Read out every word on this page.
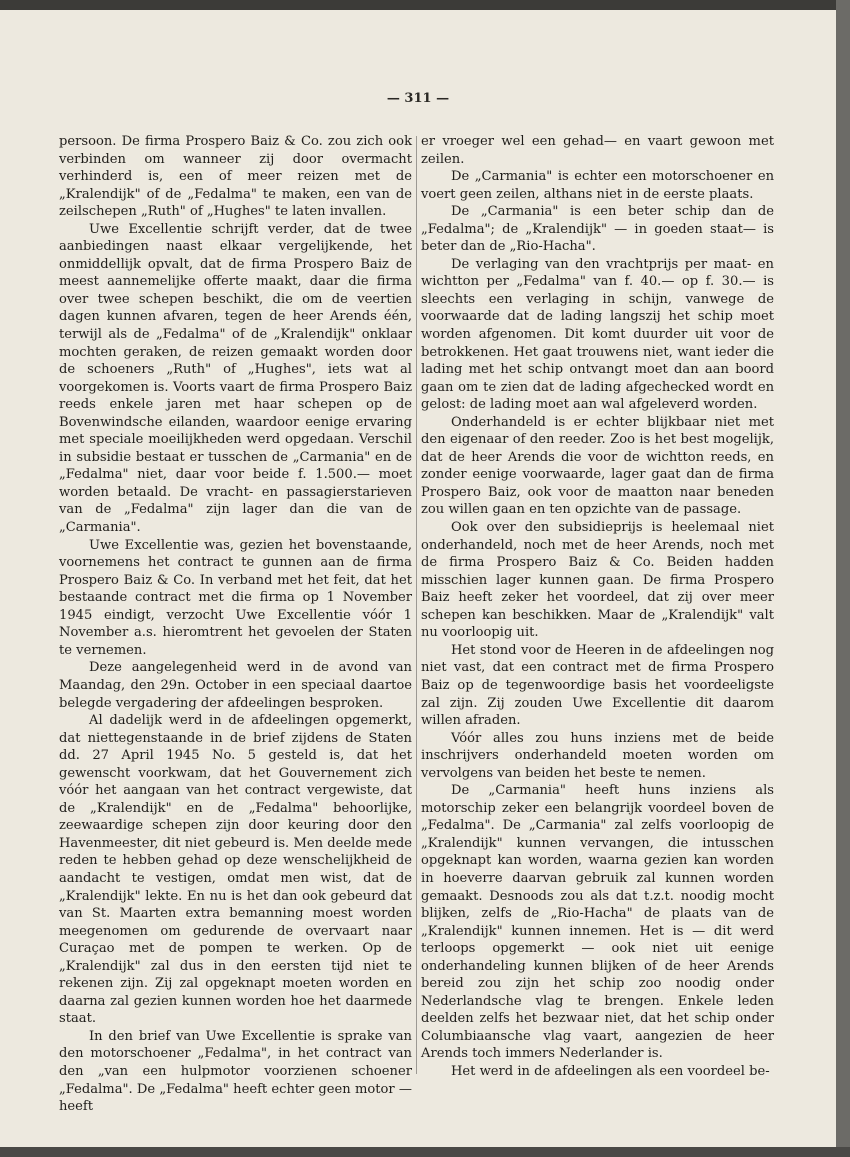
— 311 —

persoon. De firma Prospero Baiz & Co. zou zich ook verbinden om wanneer zij door overmacht verhinderd is, een of meer reizen met de „Kralendijk" of de „Fedalma" te maken, een van de zeilschepen „Ruth" of „Hughes" te laten invallen.

Uwe Excellentie schrijft verder, dat de twee aanbiedingen naast elkaar vergelijkende, het onmiddellijk opvalt, dat de firma Prospero Baiz de meest aannemelijke offerte maakt, daar die firma over twee schepen beschikt, die om de veertien dagen kunnen afvaren, tegen de heer Arends één, terwijl als de „Fedalma" of de „Kralendijk" onklaar mochten geraken, de reizen gemaakt worden door de schoeners „Ruth" of „Hughes", iets wat al voorgekomen is. Voorts vaart de firma Prospero Baiz reeds enkele jaren met haar schepen op de Bovenwindsche eilanden, waardoor eenige ervaring met speciale moeilijkheden werd opgedaan. Verschil in subsidie bestaat er tusschen de „Carmania" en de „Fedalma" niet, daar voor beide f. 1.500.— moet worden betaald. De vracht- en passagierstarieven van de „Fedalma" zijn lager dan die van de „Carmania".

Uwe Excellentie was, gezien het bovenstaande, voornemens het contract te gunnen aan de firma Prospero Baiz & Co. In verband met het feit, dat het bestaande contract met die firma op 1 November 1945 eindigt, verzocht Uwe Excellentie vóór 1 November a.s. hieromtrent het gevoelen der Staten te vernemen.

Deze aangelegenheid werd in de avond van Maandag, den 29n. October in een speciaal daartoe belegde vergadering der afdeelingen besproken.

Al dadelijk werd in de afdeelingen opgemerkt, dat niettegenstaande in de brief zijdens de Staten dd. 27 April 1945 No. 5 gesteld is, dat het gewenscht voorkwam, dat het Gouvernement zich vóór het aangaan van het contract vergewiste, dat de „Kralendijk" en de „Fedalma" behoorlijke, zeewaardige schepen zijn door keuring door den Havenmeester, dit niet gebeurd is. Men deelde mede reden te hebben gehad op deze wenschelijkheid de aandacht te vestigen, omdat men wist, dat de „Kralendijk" lekte. En nu is het dan ook gebeurd dat van St. Maarten extra bemanning moest worden meegenomen om gedurende de overvaart naar Curaçao met de pompen te werken. Op de „Kralendijk" zal dus in den eersten tijd niet te rekenen zijn. Zij zal opgeknapt moeten worden en daarna zal gezien kunnen worden hoe het daarmede staat.

In den brief van Uwe Excellentie is sprake van den motorschoener „Fedalma", in het contract van den „van een hulpmotor voorzienen schoener „Fedalma". De „Fedalma" heeft echter geen motor — heeft

er vroeger wel een gehad— en vaart gewoon met zeilen.

De „Carmania" is echter een motorschoener en voert geen zeilen, althans niet in de eerste plaats.

De „Carmania" is een beter schip dan de „Fedalma"; de „Kralendijk" — in goeden staat— is beter dan de „Rio-Hacha".

De verlaging van den vrachtprijs per maat- en wichtton per „Fedalma" van f. 40.— op f. 30.— is sleechts een verlaging in schijn, vanwege de voorwaarde dat de lading langszij het schip moet worden afgenomen. Dit komt duurder uit voor de betrokkenen. Het gaat trouwens niet, want ieder die lading met het schip ontvangt moet dan aan boord gaan om te zien dat de lading afgechecked wordt en gelost: de lading moet aan wal afgeleverd worden.

Onderhandeld is er echter blijkbaar niet met den eigenaar of den reeder. Zoo is het best mogelijk, dat de heer Arends die voor de wichtton reeds, en zonder eenige voorwaarde, lager gaat dan de firma Prospero Baiz, ook voor de maatton naar beneden zou willen gaan en ten opzichte van de passage.

Ook over den subsidieprijs is heelemaal niet onderhandeld, noch met de heer Arends, noch met de firma Prospero Baiz & Co. Beiden hadden misschien lager kunnen gaan. De firma Prospero Baiz heeft zeker het voordeel, dat zij over meer schepen kan beschikken. Maar de „Kralendijk" valt nu voorloopig uit.

Het stond voor de Heeren in de afdeelingen nog niet vast, dat een contract met de firma Prospero Baiz op de tegenwoordige basis het voordeeligste zal zijn. Zij zouden Uwe Excellentie dit daarom willen afraden.

Vóór alles zou huns inziens met de beide inschrijvers onderhandeld moeten worden om vervolgens van beiden het beste te nemen.

De „Carmania" heeft huns inziens als motorschip zeker een belangrijk voordeel boven de „Fedalma". De „Carmania" zal zelfs voorloopig de „Kralendijk" kunnen vervangen, die intusschen opgeknapt kan worden, waarna gezien kan worden in hoeverre daarvan gebruik zal kunnen worden gemaakt. Desnoods zou als dat t.z.t. noodig mocht blijken, zelfs de „Rio-Hacha" de plaats van de „Kralendijk" kunnen innemen. Het is — dit werd terloops opgemerkt — ook niet uit eenige onderhandeling kunnen blijken of de heer Arends bereid zou zijn het schip zoo noodig onder Nederlandsche vlag te brengen. Enkele leden deelden zelfs het bezwaar niet, dat het schip onder Columbiaansche vlag vaart, aangezien de heer Arends toch immers Nederlander is.

Het werd in de afdeelingen als een voordeel be-
